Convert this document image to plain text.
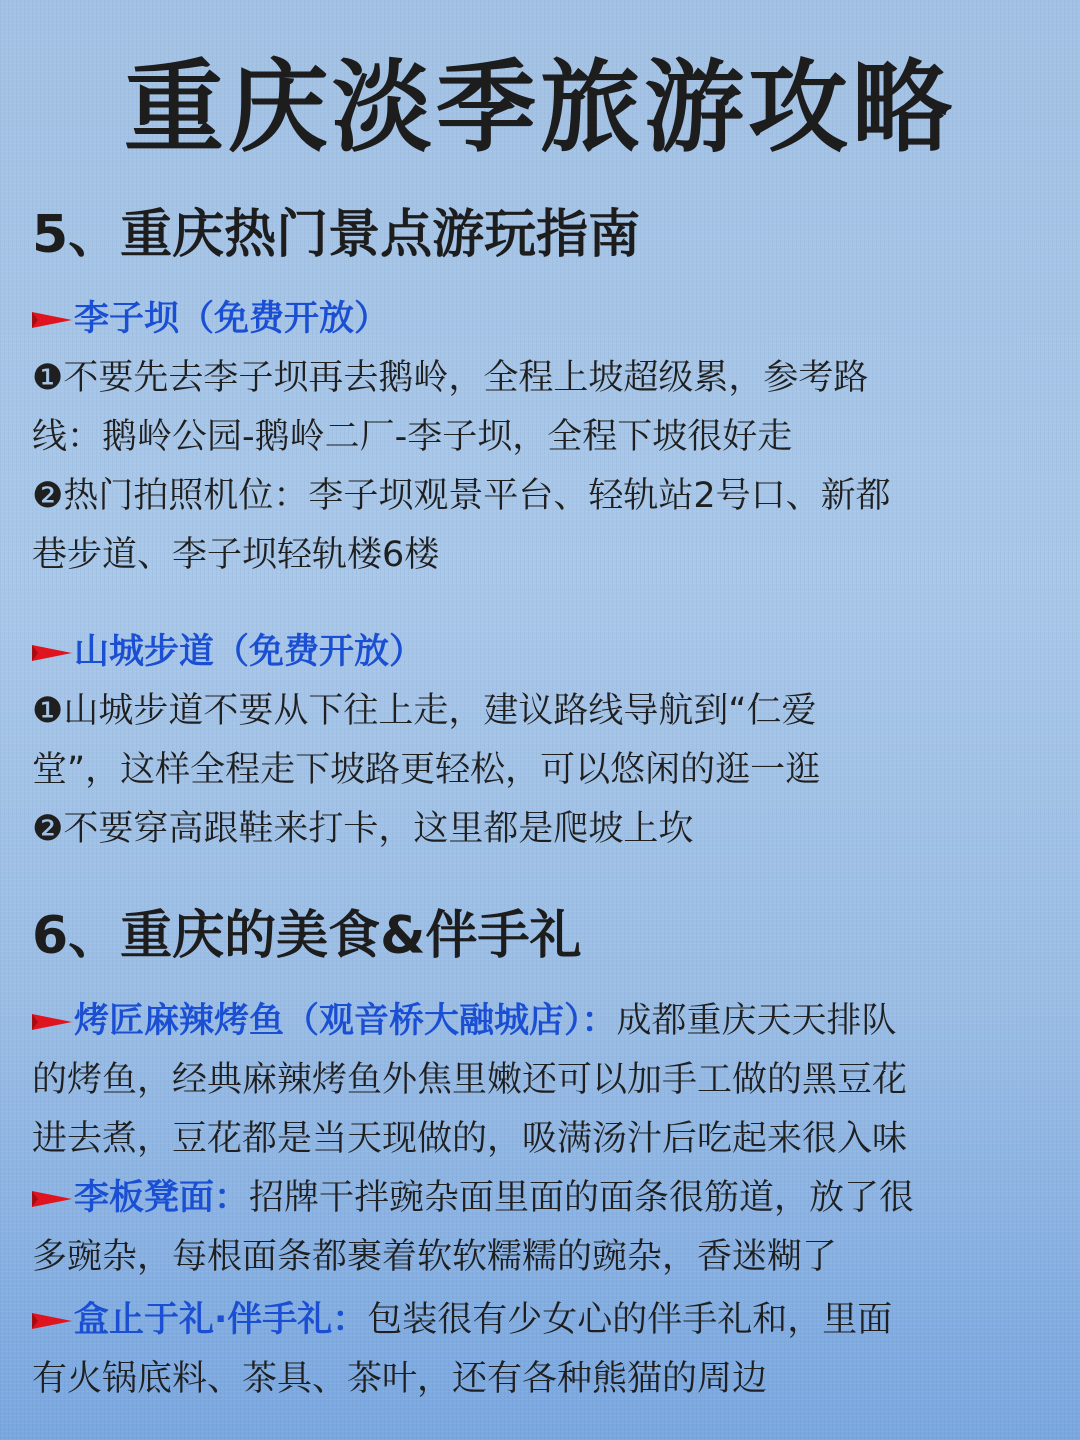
重庆淡季旅游攻略
5、重庆热门景点游玩指南
李子坝（免费开放）
❶不要先去李子坝再去鹅岭，全程上坡超级累，参考路
线：鹅岭公园-鹅岭二厂-李子坝，全程下坡很好走
❷热门拍照机位：李子坝观景平台、轻轨站2号口、新都
巷步道、李子坝轻轨楼6楼
山城步道（免费开放）
❶山城步道不要从下往上走，建议路线导航到“仁爱
堂”，这样全程走下坡路更轻松，可以悠闲的逛一逛
❷不要穿高跟鞋来打卡，这里都是爬坡上坎
6、重庆的美食&伴手礼
烤匠麻辣烤鱼（观音桥大融城店）：成都重庆天天排队
的烤鱼，经典麻辣烤鱼外焦里嫩还可以加手工做的黑豆花
进去煮，豆花都是当天现做的，吸满汤汁后吃起来很入味
李板凳面：招牌干拌豌杂面里面的面条很筋道，放了很
多豌杂，每根面条都裹着软软糯糯的豌杂，香迷糊了
盒止于礼·伴手礼：包装很有少女心的伴手礼和，里面
有火锅底料、茶具、茶叶，还有各种熊猫的周边
